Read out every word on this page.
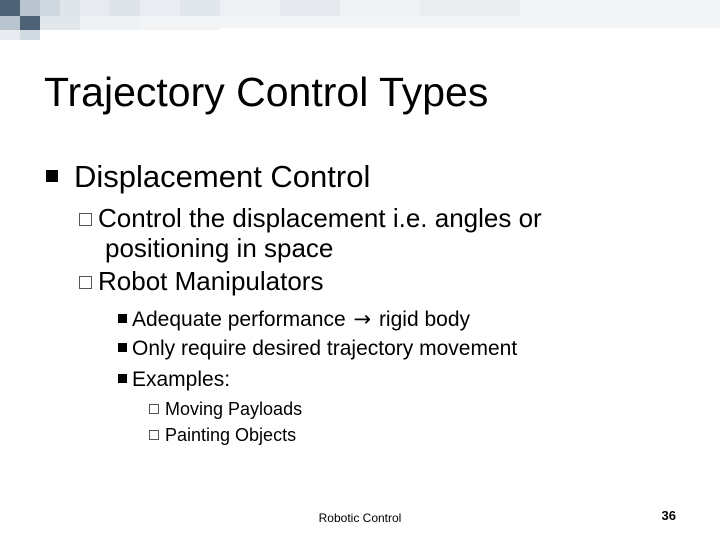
Trajectory Control Types
Displacement Control
Control the displacement i.e. angles or
positioning in space
Robot Manipulators
Adequate performance → rigid body
Only require desired trajectory movement
Examples:
Moving Payloads
Painting Objects
Robotic Control	36
